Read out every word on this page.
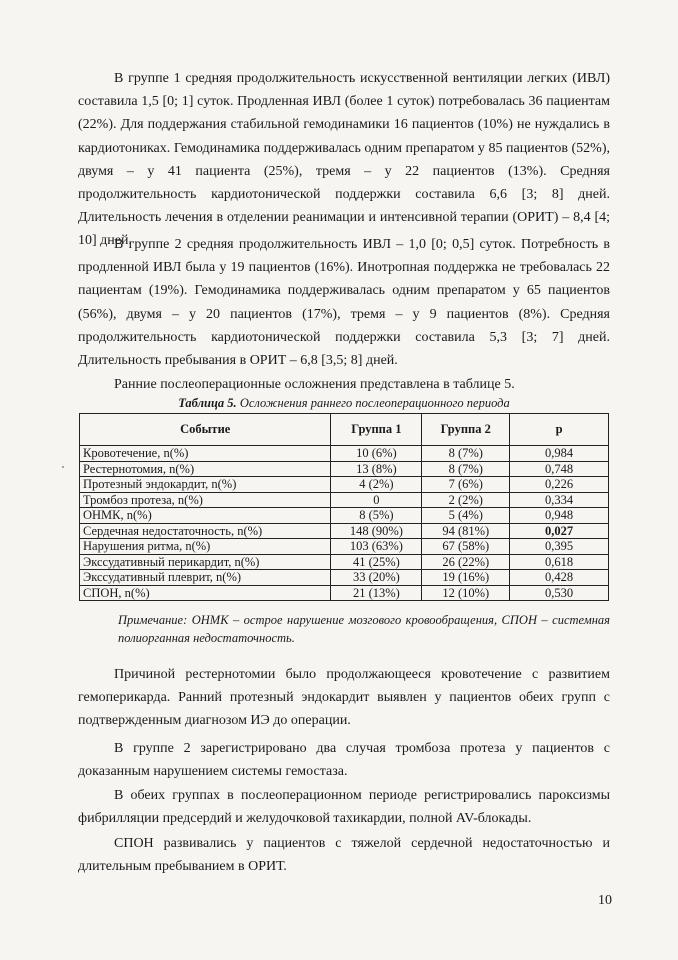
В группе 1 средняя продолжительность искусственной вентиляции легких (ИВЛ) составила 1,5 [0; 1] суток. Продленная ИВЛ (более 1 суток) потребовалась 36 пациентам (22%). Для поддержания стабильной гемодинамики 16 пациентов (10%) не нуждались в кардиотониках. Гемодинамика поддерживалась одним препаратом у 85 пациентов (52%), двумя – у 41 пациента (25%), тремя – у 22 пациентов (13%). Средняя продолжительность кардиотонической поддержки составила 6,6 [3; 8] дней. Длительность лечения в отделении реанимации и интенсивной терапии (ОРИТ) – 8,4 [4; 10] дней.

В группе 2 средняя продолжительность ИВЛ – 1,0 [0; 0,5] суток. Потребность в продленной ИВЛ была у 19 пациентов (16%). Инотропная поддержка не требовалась 22 пациентам (19%). Гемодинамика поддерживалась одним препаратом у 65 пациентов (56%), двумя – у 20 пациентов (17%), тремя – у 9 пациентов (8%). Средняя продолжительность кардиотонической поддержки составила 5,3 [3; 7] дней. Длительность пребывания в ОРИТ – 6,8 [3,5; 8] дней.

Ранние послеоперационные осложнения представлена в таблице 5.

Таблица 5. Осложнения раннего послеоперационного периода

Событие	Группа 1	Группа 2	p
Кровотечение, n(%)	10 (6%)	8 (7%)	0,984
Рестернотомия, n(%)	13 (8%)	8 (7%)	0,748
Протезный эндокардит, n(%)	4 (2%)	7 (6%)	0,226
Тромбоз протеза, n(%)	0	2 (2%)	0,334
ОНМК, n(%)	8 (5%)	5 (4%)	0,948
Сердечная недостаточность, n(%)	148 (90%)	94 (81%)	0,027
Нарушения ритма, n(%)	103 (63%)	67 (58%)	0,395
Экссудативный перикардит, n(%)	41 (25%)	26 (22%)	0,618
Экссудативный плеврит, n(%)	33 (20%)	19 (16%)	0,428
СПОН, n(%)	21 (13%)	12 (10%)	0,530

Примечание: ОНМК – острое нарушение мозгового кровообращения, СПОН – системная полиорганная недостаточность.

Причиной рестернотомии было продолжающееся кровотечение с развитием гемоперикарда. Ранний протезный эндокардит выявлен у пациентов обеих групп с подтвержденным диагнозом ИЭ до операции.

В группе 2 зарегистрировано два случая тромбоза протеза у пациентов с доказанным нарушением системы гемостаза.

В обеих группах в послеоперационном периоде регистрировались пароксизмы фибрилляции предсердий и желудочковой тахикардии, полной AV-блокады.

СПОН развивались у пациентов с тяжелой сердечной недостаточностью и длительным пребыванием в ОРИТ.

10
